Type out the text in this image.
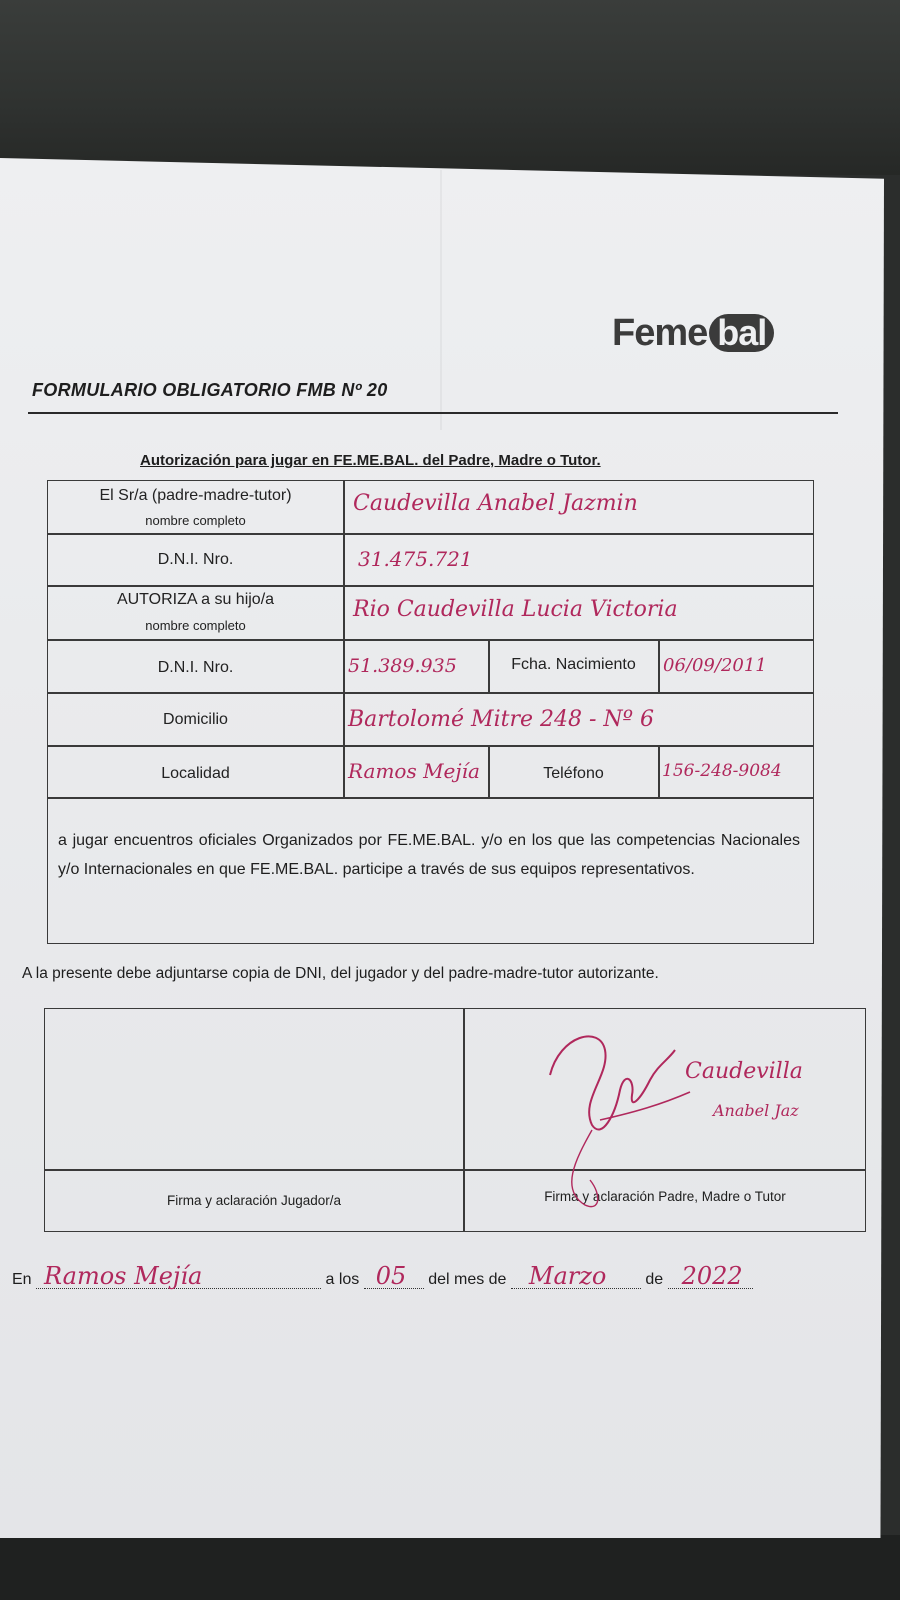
Feme bal
FORMULARIO OBLIGATORIO FMB Nº 20
Autorización para jugar en FE.ME.BAL. del Padre, Madre o Tutor.
El Sr/a (padre-madre-tutor)
nombre completo
Caudevilla Anabel Jazmin
D.N.I. Nro.	31.475.721
AUTORIZA a su hijo/a
nombre completo
Rio Caudevilla Lucia Victoria
D.N.I. Nro.	51.389.935	Fcha. Nacimiento	06/09/2011
Domicilio	Bartolomé Mitre 248 - Nº 6
Localidad	Ramos Mejía	Teléfono	156-248-9084
a jugar encuentros oficiales Organizados por FE.ME.BAL. y/o en los que las competencias Nacionales y/o Internacionales en que FE.ME.BAL. participe a través de sus equipos representativos.
A la presente debe adjuntarse copia de DNI, del jugador y del padre-madre-tutor autorizante.
Firma y aclaración Jugador/a	Firma y aclaración Padre, Madre o Tutor
Caudevilla
Anabel Jaz
En Ramos Mejía	a los 05 del mes de Marzo de 2022
